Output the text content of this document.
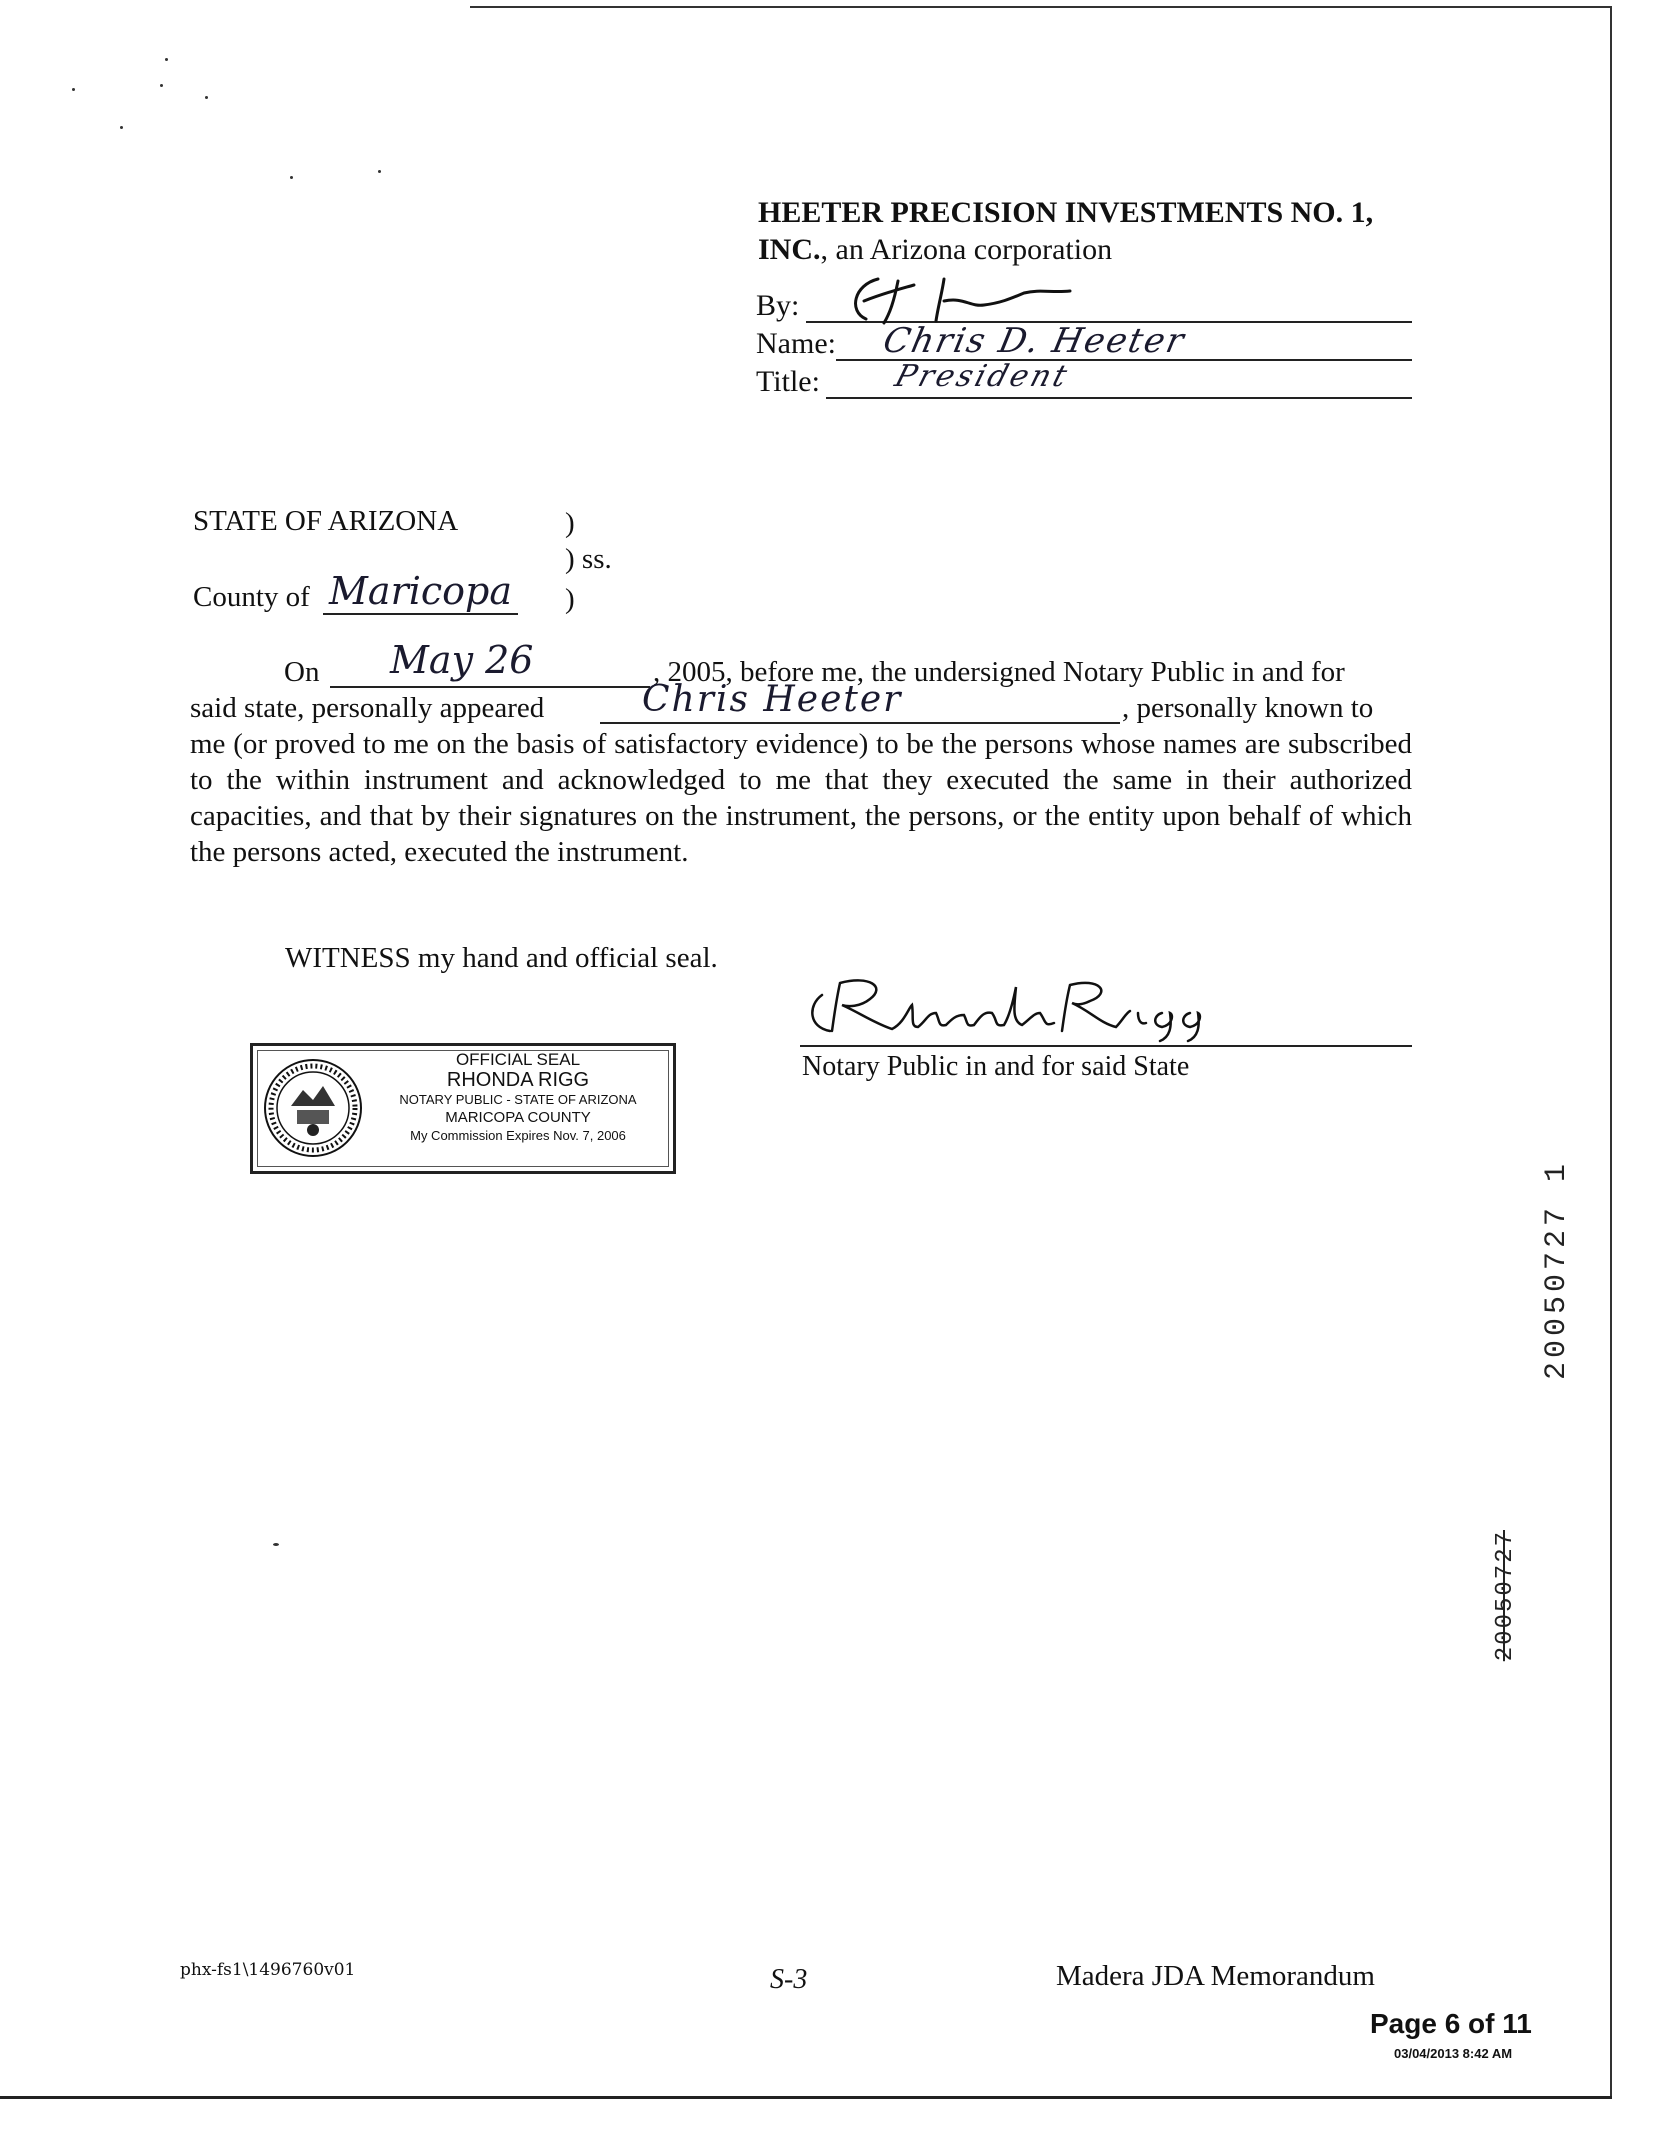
HEETER PRECISION INVESTMENTS NO. 1,
INC., an Arizona corporation
By:
Name: Chris D. Heeter
Title: President
STATE OF ARIZONA	)
) ss.
County of Maricopa )
On May 26	, 2005, before me, the undersigned Notary Public in and for
said state, personally appeared	Chris Heeter	, personally known to
me (or proved to me on the basis of satisfactory evidence) to be the persons whose names are subscribed to the within instrument and acknowledged to me that they executed the same in their authorized capacities, and that by their signatures on the instrument, the persons, or the entity upon behalf of which the persons acted, executed the instrument.
WITNESS my hand and official seal.
Notary Public in and for said State
OFFICIAL SEAL
RHONDA RIGG
NOTARY PUBLIC - STATE OF ARIZONA
MARICOPA COUNTY
My Commission Expires Nov. 7, 2006
20050727 1
20050727
phx-fs1\1496760v01	S-3	Madera JDA Memorandum
Page 6 of 11
03/04/2013 8:42 AM
